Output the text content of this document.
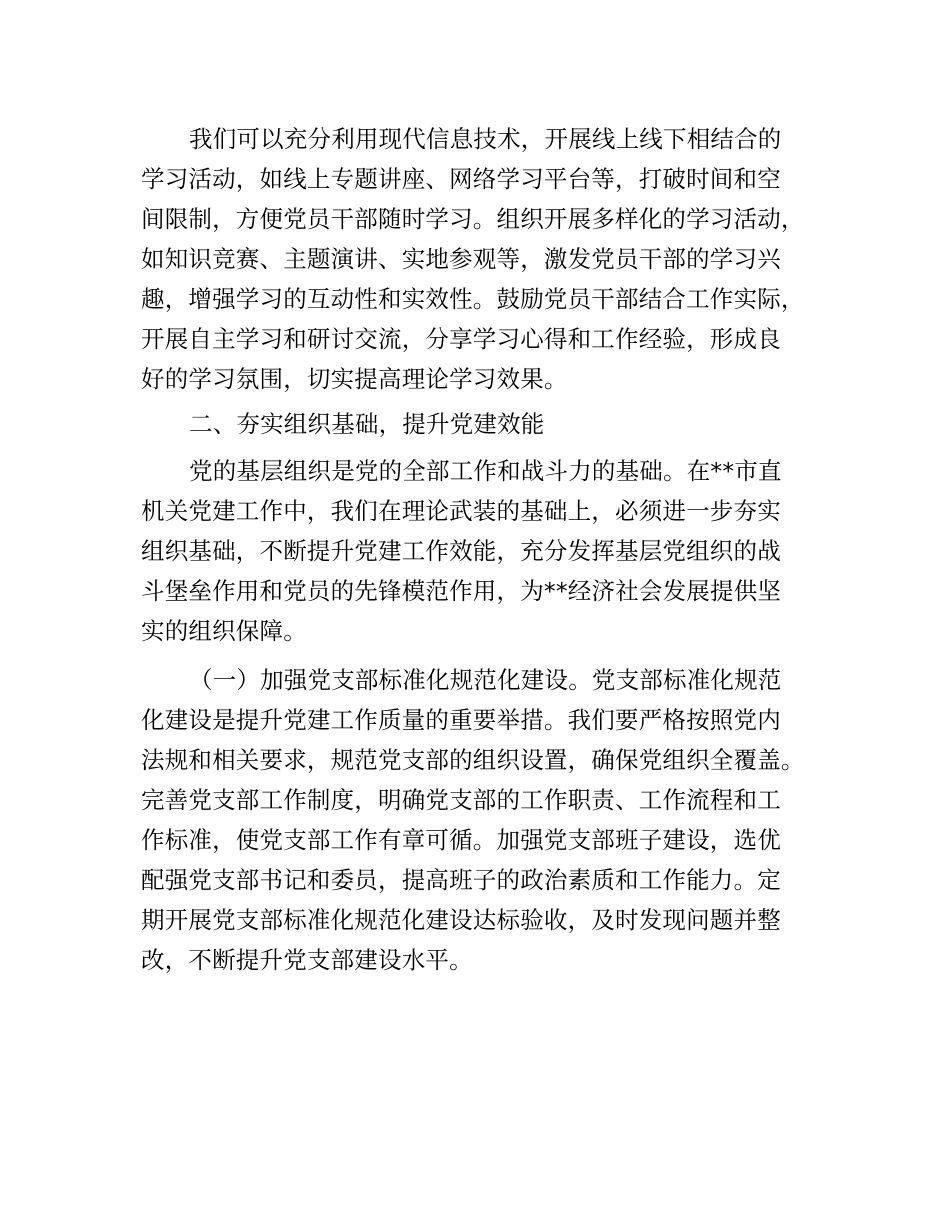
我们可以充分利用现代信息技术，开展线上线下相结合的
学习活动，如线上专题讲座、网络学习平台等，打破时间和空
间限制，方便党员干部随时学习。组织开展多样化的学习活动，
如知识竞赛、主题演讲、实地参观等，激发党员干部的学习兴
趣，增强学习的互动性和实效性。鼓励党员干部结合工作实际，
开展自主学习和研讨交流，分享学习心得和工作经验，形成良
好的学习氛围，切实提高理论学习效果。
二、夯实组织基础，提升党建效能
党的基层组织是党的全部工作和战斗力的基础。在**市直
机关党建工作中，我们在理论武装的基础上，必须进一步夯实
组织基础，不断提升党建工作效能，充分发挥基层党组织的战
斗堡垒作用和党员的先锋模范作用，为**经济社会发展提供坚
实的组织保障。
（一）加强党支部标准化规范化建设。党支部标准化规范
化建设是提升党建工作质量的重要举措。我们要严格按照党内
法规和相关要求，规范党支部的组织设置，确保党组织全覆盖。
完善党支部工作制度，明确党支部的工作职责、工作流程和工
作标准，使党支部工作有章可循。加强党支部班子建设，选优
配强党支部书记和委员，提高班子的政治素质和工作能力。定
期开展党支部标准化规范化建设达标验收，及时发现问题并整
改，不断提升党支部建设水平。
